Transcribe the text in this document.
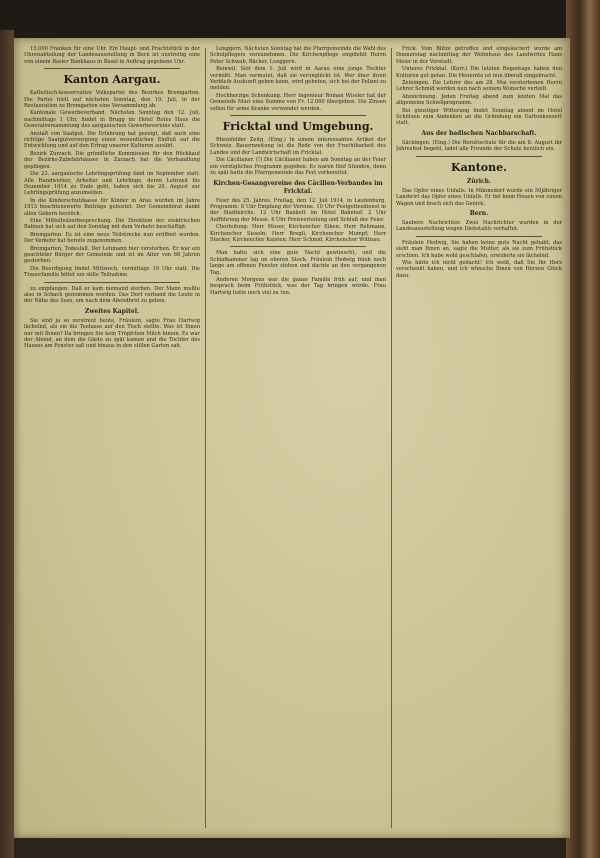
15.000 Franken für eine Uhr. Ein Haupt- und Prachtstück in der Uhrenabteilung der Landesausstellung in Bern ist unstreitig eine von einem Basler Bankhaus in Basel in Auftrag gegebene Uhr.

Kanton Aargau.

Katholisch-konservative Volkspartei des Bezirkes Bremgarten. Die Partei hielt auf nächsten Sonntag, den 19. Juli, in der Restauration zu Bremgarten eine Versammlung ab.

Kantonale Gewerbeverband. Nächsten Sonntag den 12. Juli, nachmittags 1 Uhr, findet in Brugg im Hotel Rotes Haus die Generalversammlung des aargauischen Gewerbevereins statt.

Anstalt von Saatgut. Die Erfahrung hat gezeigt, daß auch eine richtige Saatgutversorgung einen wesentlichen Einfluß auf die Entwicklung und auf den Ertrag unserer Kulturen ausübt.

Bezirk Zurzach. Die gründliche Kommission für den Rückkauf der Bezirks-Zubehörhäuser in Zurzach hat die Verhandlung gepflogen.

Die 23. aargauische Lehrlingsprüfung fand im September statt. Alle Handwerker, Arbeiter und Lehrlinge, deren Lehrzeit bis Dezember 1914 zu Ende geht, haben sich bis 20. August zur Lehrlingsprüfung anzumelden.

In die Kinderschutzkasse für Kinder in Arau wurden im Jahre 1913 beachtenswerte Beiträge geleistet. Der Gemeinderat dankt allen Gebern herzlich.

Eine Mittelholzerbesprechung. Die Direktion der elektrischen Bahnen hat sich auf den Sonntag mit dem Verkehr beschäftigt.

Bremgarten. Es ist eine neue Teilstrecke nun eröffnet worden. Der Verkehr hat bereits zugenommen.

Bremgarten, Todesfall. Der Lehmann hier verstorben. Er war ein geachteter Bürger der Gemeinde und ist im Alter von 68 Jahren gestorben.

Die Beerdigung findet Mittwoch, vormittags 10 Uhr statt. Die Trauerfamilie bittet um stille Teilnahme.

zu empfangen. Daß er kam niemand sterben. Der Mann mußte also in Schach genommen werden. Das Dorf verband die Leute in der Nähe des Sees, um nach dem Abendbrot zu gehen.

Zweites Kapitel.

Sie sind ja so zerstreut heute, Fräulein, sagte Frau Hartwig lächelnd, als sie die Teetasse auf den Tisch stellte. Was ist Ihnen nur mit Ihnen? Da bringen Sie kein Tröpfchen Milch hinein. Es war der Abend, an dem die Gäste zu spät kamen und die Tochter des Hauses am Fenster saß und hinaus in den stillen Garten sah.

Lenggern. Nächsten Sonntag hat die Pfarrgemeinde die Wahl des Schulpflegers vorzunehmen. Die Kirchenpflege empfiehlt Herrn Peter Schwab, Bäcker, Lenggern.

Beinwil. Seit dem 1. Juli wird in Aarau eine junge Tochter vermißt. Man vermutet, daß sie verunglückt ist. Wer über ihren Verbleib Auskunft geben kann, wird gebeten, sich bei der Polizei zu melden.

Hochherzige Schenkung. Herr Ingenieur Roman Wissler hat der Gemeinde Muri eine Summe von Fr. 12.000 übergeben. Die Zinsen sollen für arme Kranke verwendet werden.

Fricktal und Umgebung.

Rheinfelder Zeitg. (Eing.) In einem interessanten Artikel der Schweiz. Bauernzeitung ist die Rede von der Fruchtbarkeit des Landes und der Landwirtschaft im Fricktal.

Die Cäcilianer. (!) Die Cäcilianer haben am Sonntag an der Feier ein vorzügliches Programm gegeben. Es waren fünf Stunden, denn zu spät hatte die Pfarrgemeinde das Fest vorbereitet.

Kirchen-Gesangvereine des Cäcilien-Verbandes im Fricktal.

Feier des 25. Jahres. Freitag, den 12. Juli 1914, in Laufenburg. Programm: 8 Uhr Empfang der Vereine. 10 Uhr Festgottesdienst in der Stadtkirche. 12 Uhr Bankett im Hotel Bahnhof. 2 Uhr Aufführung der Messe. 4 Uhr Preisverteilung und Schluß der Feier.

Chorleitung: Herr Moser, Kirchenchor Eiken; Herr Rehmann, Kirchenchor Sisseln; Herr Brogli, Kirchenchor Mumpf; Herr Stocker, Kirchenchor Kaisten; Herr Schmid, Kirchenchor Wittnau.

Man hatte sich eine gute Nacht gewünscht, und die Schlafkammer lag im oberen Stock. Fräulein Hedwig blieb noch lange am offenen Fenster stehen und dachte an den vergangenen Tag.

Anderen Morgens war die ganze Familie früh auf, und man besprach beim Frühstück, was der Tag bringen würde. Frau Hartwig hatte noch viel zu tun.

Frick. Vom Blitze getroffen und eingeäschert wurde am Donnerstag nachmittag der Wohnhaus des Landwirtes Hans Meier in der Vorstadt.

Unteres Fricktal. (Korr.) Die letzten Regentage haben den Kulturen gut getan. Die Heuernte ist nun überall eingebracht.

Zeiningen. Die Lehrer des am 28. Mai verstorbenen Herrn Lehrer Schmid werden nun nach seinem Wunsche verteilt.

Abzeichnung. Jeden Freitag abend zum letzten Mal das allgemeine Schießprogramm.

Bei günstiger Witterung findet Sonntag abend im Hotel Schützen zum Andenken an die Gründung ein Gartenkonzert statt.

Aus der badischen Nachbarschaft.

Säckingen. (Eing.) Die Berufsschule für die am 8. August ihr Jahresfest begeht, ladet alle Freunde der Schule herzlich ein.

Kantone.
Zürich.

Das Opfer eines Unfalls. In Männedorf wurde ein 50jähriger Landwirt das Opfer eines Unfalls. Er fiel beim Heuen von einem Wagen und brach sich das Genick.

Bern.

Saubere Nachrichter. Zwei Nachrichter wurden in der Landesausstellung wegen Diebstahls verhaftet.

Fräulein Hedwig, Sie haben keine gute Nacht gehabt, das sieht man Ihnen an, sagte die Mutter, als sie zum Frühstück erschien. Ich habe wohl geschlafen, erwiderte sie lächelnd.

Wie hätte ich nicht gedacht! Ich weiß, daß Sie Ihr Herz verschenkt haben, und ich wünsche Ihnen von Herzen Glück dazu.
